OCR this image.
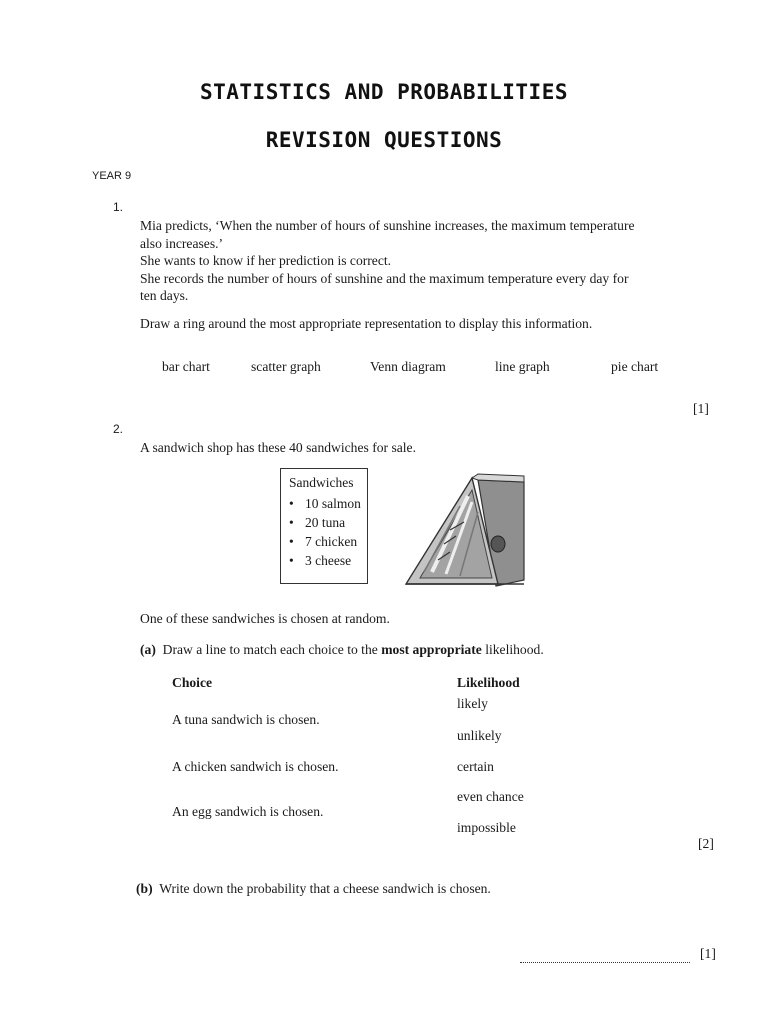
STATISTICS AND PROBABILITIES
REVISION QUESTIONS
YEAR 9
1.
Mia predicts, ‘When the number of hours of sunshine increases, the maximum temperature
also increases.’
She wants to know if her prediction is correct.
She records the number of hours of sunshine and the maximum temperature every day for
ten days.
Draw a ring around the most appropriate representation to display this information.
bar chart	scatter graph	Venn diagram	line graph	pie chart
[1]
2.
A sandwich shop has these 40 sandwiches for sale.
Sandwiches
• 10 salmon
• 20 tuna
• 7 chicken
• 3 cheese
One of these sandwiches is chosen at random.
(a) Draw a line to match each choice to the most appropriate likelihood.
Choice	Likelihood
A tuna sandwich is chosen.
A chicken sandwich is chosen.
An egg sandwich is chosen.
likely
unlikely
certain
even chance
impossible
[2]
(b) Write down the probability that a cheese sandwich is chosen.
[1]
